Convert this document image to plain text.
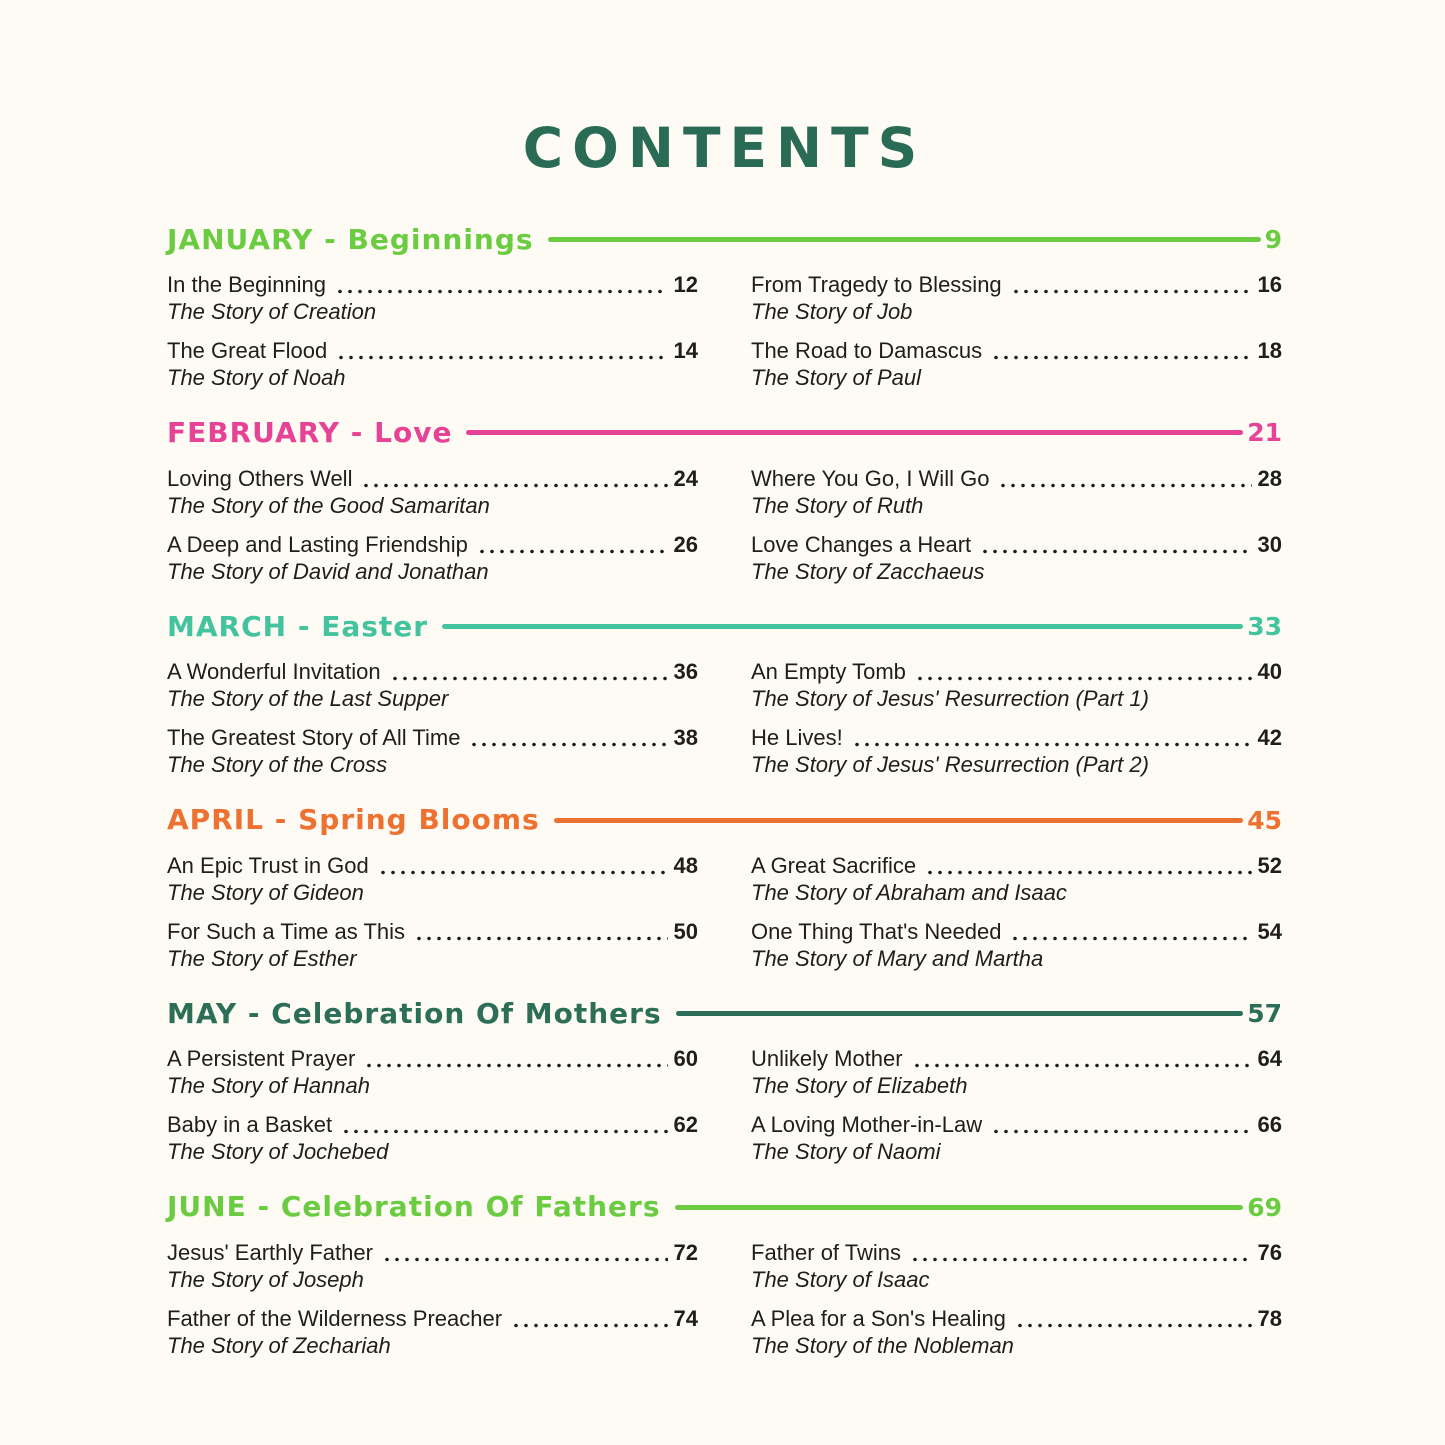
CONTENTS
JANUARY - Beginnings	9
In the Beginning	12
The Story of Creation
From Tragedy to Blessing	16
The Story of Job
The Great Flood	14
The Story of Noah
The Road to Damascus	18
The Story of Paul
FEBRUARY - Love	21
Loving Others Well	24
The Story of the Good Samaritan
Where You Go, I Will Go	28
The Story of Ruth
A Deep and Lasting Friendship	26
The Story of David and Jonathan
Love Changes a Heart	30
The Story of Zacchaeus
MARCH - Easter	33
A Wonderful Invitation	36
The Story of the Last Supper
An Empty Tomb	40
The Story of Jesus' Resurrection (Part 1)
The Greatest Story of All Time	38
The Story of the Cross
He Lives!	42
The Story of Jesus' Resurrection (Part 2)
APRIL - Spring Blooms	45
An Epic Trust in God	48
The Story of Gideon
A Great Sacrifice	52
The Story of Abraham and Isaac
For Such a Time as This	50
The Story of Esther
One Thing That's Needed	54
The Story of Mary and Martha
MAY - Celebration Of Mothers	57
A Persistent Prayer	60
The Story of Hannah
Unlikely Mother	64
The Story of Elizabeth
Baby in a Basket	62
The Story of Jochebed
A Loving Mother-in-Law	66
The Story of Naomi
JUNE - Celebration Of Fathers	69
Jesus' Earthly Father	72
The Story of Joseph
Father of Twins	76
The Story of Isaac
Father of the Wilderness Preacher	74
The Story of Zechariah
A Plea for a Son's Healing	78
The Story of the Nobleman
